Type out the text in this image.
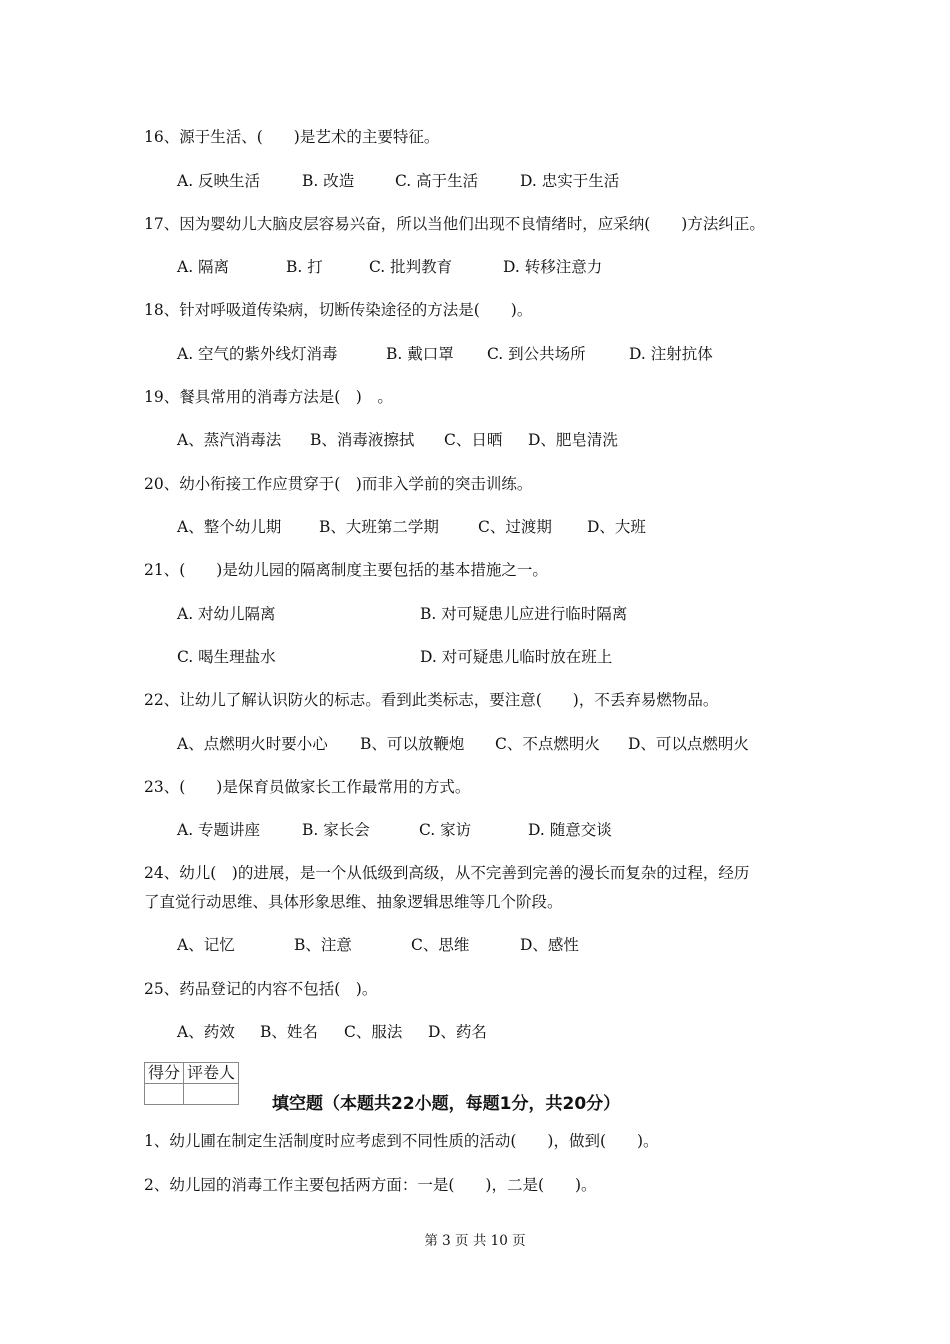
16、源于生活、(　　)是艺术的主要特征。
A. 反映生活	B. 改造	C. 高于生活	D. 忠实于生活
17、因为婴幼儿大脑皮层容易兴奋，所以当他们出现不良情绪时，应采纳(　　)方法纠正。
A. 隔离	B. 打	C. 批判教育	D. 转移注意力
18、针对呼吸道传染病，切断传染途径的方法是(　　)。
A. 空气的紫外线灯消毒	B. 戴口罩 C. 到公共场所	D. 注射抗体
19、餐具常用的消毒方法是(　)　。
A、蒸汽消毒法 B、消毒液擦拭 C、日晒 D、肥皂清洗
20、幼小衔接工作应贯穿于(　)而非入学前的突击训练。
A、整个幼儿期 B、大班第二学期	C、过渡期 D、大班
21、(　　)是幼儿园的隔离制度主要包括的基本措施之一。
A. 对幼儿隔离	B. 对可疑患儿应进行临时隔离
C. 喝生理盐水	D. 对可疑患儿临时放在班上
22、让幼儿了解认识防火的标志。看到此类标志，要注意(　　)，不丢弃易燃物品。
A、点燃明火时要小心 B、可以放鞭炮 C、不点燃明火 D、可以点燃明火
23、(　　)是保育员做家长工作最常用的方式。
A. 专题讲座	B. 家长会	C. 家访	D. 随意交谈
24、幼儿(　)的进展，是一个从低级到高级，从不完善到完善的漫长而复杂的过程，经历
了直觉行动思维、具体形象思维、抽象逻辑思维等几个阶段。
A、记忆	B、注意	C、思维	D、感性
25、药品登记的内容不包括(　)。
A、药效 B、姓名 C、服法 D、药名
得分	评卷人

填空题（本题共22小题，每题1分，共20分）
1、幼儿圃在制定生活制度时应考虑到不同性质的活动(　　)，做到(　　)。
2、幼儿园的消毒工作主要包括两方面：一是(　　)，二是(　　)。
第 3 页 共 10 页
